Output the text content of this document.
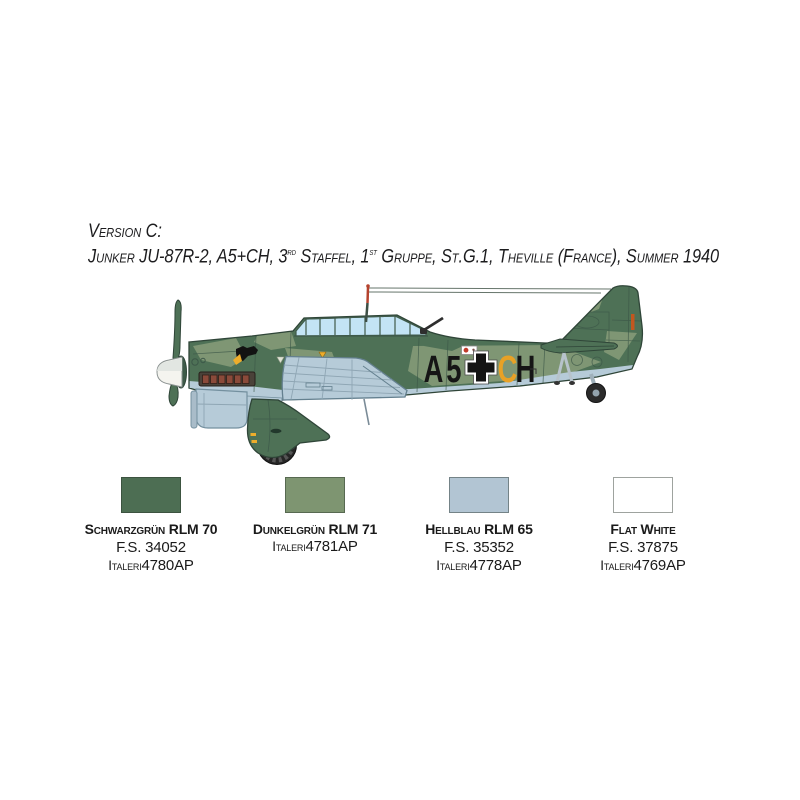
Version C:
Junker JU-87R-2, A5+CH, 3rd Staffel, 1st Gruppe, St.G.1, Theville (France), Summer 1940
A5 C
H
Schwarzgrün RLM 70
F.S. 34052
Italeri4780AP
Dunkelgrün RLM 71
Italeri4781AP
Hellblau RLM 65
F.S. 35352
Italeri4778AP
Flat White
F.S. 37875
Italeri4769AP
